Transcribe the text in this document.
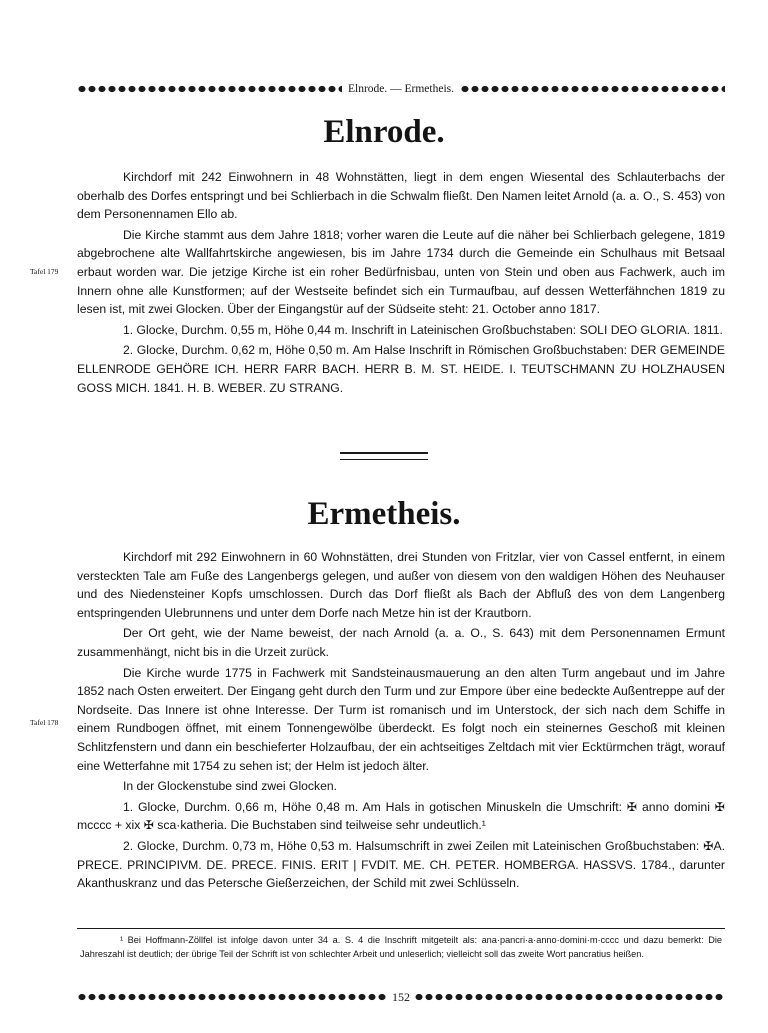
Elnrode. — Ermetheis.
Elnrode.
Tafel 179

Kirchdorf mit 242 Einwohnern in 48 Wohnstätten, liegt in dem engen Wiesental des Schlauterbachs der oberhalb des Dorfes entspringt und bei Schlierbach in die Schwalm fließt. Den Namen leitet Arnold (a. a. O., S. 453) von dem Personennamen Ello ab.

Die Kirche stammt aus dem Jahre 1818; vorher waren die Leute auf die näher bei Schlierbach gelegene, 1819 abgebrochene alte Wallfahrtskirche angewiesen, bis im Jahre 1734 durch die Gemeinde ein Schulhaus mit Betsaal erbaut worden war. Die jetzige Kirche ist ein roher Bedürfnisbau, unten von Stein und oben aus Fachwerk, auch im Innern ohne alle Kunstformen; auf der Westseite befindet sich ein Turmaufbau, auf dessen Wetterfähnchen 1819 zu lesen ist, mit zwei Glocken. Über der Eingangstür auf der Südseite steht: 21. October anno 1817.

1. Glocke, Durchm. 0,55 m, Höhe 0,44 m. Inschrift in Lateinischen Großbuchstaben: SOLI DEO GLORIA. 1811.

2. Glocke, Durchm. 0,62 m, Höhe 0,50 m. Am Halse Inschrift in Römischen Großbuchstaben: DER GEMEINDE ELLENRODE GEHÖRE ICH. HERR FARR BACH. HERR B. M. ST. HEIDE. I. TEUTSCHMANN ZU HOLZHAUSEN GOSS MICH. 1841. H. B. WEBER. ZU STRANG.

Ermetheis.
Tafel 178

Kirchdorf mit 292 Einwohnern in 60 Wohnstätten, drei Stunden von Fritzlar, vier von Cassel entfernt, in einem versteckten Tale am Fuße des Langenbergs gelegen, und außer von diesem von den waldigen Höhen des Neuhauser und des Niedensteiner Kopfs umschlossen. Durch das Dorf fließt als Bach der Abfluß des von dem Langenberg entspringenden Ulebrunnens und unter dem Dorfe nach Metze hin ist der Krautborn.

Der Ort geht, wie der Name beweist, der nach Arnold (a. a. O., S. 643) mit dem Personennamen Ermunt zusammenhängt, nicht bis in die Urzeit zurück.

Die Kirche wurde 1775 in Fachwerk mit Sandsteinausmauerung an den alten Turm angebaut und im Jahre 1852 nach Osten erweitert. Der Eingang geht durch den Turm und zur Empore über eine bedeckte Außentreppe auf der Nordseite. Das Innere ist ohne Interesse. Der Turm ist romanisch und im Unterstock, der sich nach dem Schiffe in einem Rundbogen öffnet, mit einem Tonnengewölbe überdeckt. Es folgt noch ein steinernes Geschoß mit kleinen Schlitzfenstern und dann ein beschieferter Holzaufbau, der ein achtseitiges Zeltdach mit vier Ecktürmchen trägt, worauf eine Wetterfahne mit 1754 zu sehen ist; der Helm ist jedoch älter.

In der Glockenstube sind zwei Glocken.

1. Glocke, Durchm. 0,66 m, Höhe 0,48 m. Am Hals in gotischen Minuskeln die Umschrift: ✠ anno domini ✠ mcccc + xix ✠ sca·katheria. Die Buchstaben sind teilweise sehr undeutlich.¹

2. Glocke, Durchm. 0,73 m, Höhe 0,53 m. Halsumschrift in zwei Zeilen mit Lateinischen Großbuchstaben: ✠A. PRECE. PRINCIPIVM. DE. PRECE. FINIS. ERIT | FVDIT. ME. CH. PETER. HOMBERGA. HASSVS. 1784., darunter Akanthuskranz und das Petersche Gießerzeichen, der Schild mit zwei Schlüsseln.

¹ Bei Hoffmann-Zöllfel ist infolge davon unter 34 a. S. 4 die Inschrift mitgeteilt als: ana·pancri·a·anno·domini·m·cccc und dazu bemerkt: Die Jahreszahl ist deutlich; der übrige Teil der Schrift ist von schlechter Arbeit und unleserlich; vielleicht soll das zweite Wort pancratius heißen.
152
